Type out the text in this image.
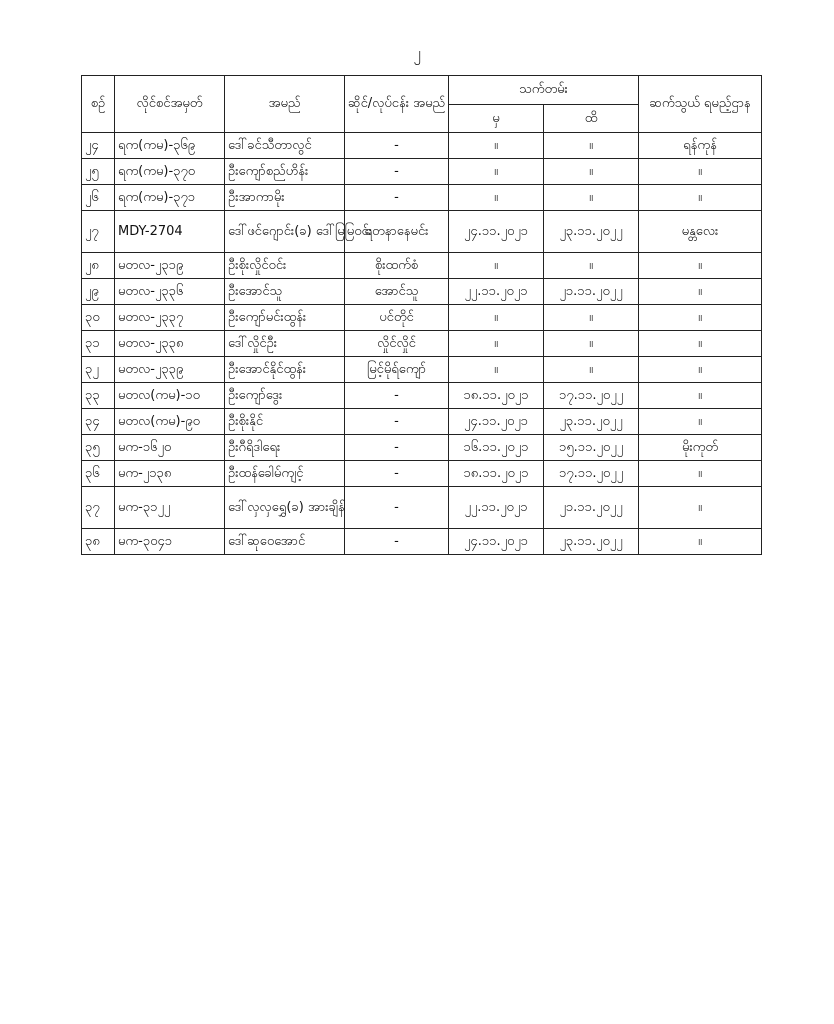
၂
စဉ်	လိုင်စင်အမှတ်	အမည်	ဆိုင်/လုပ်ငန်း အမည်	သက်တမ်း		ဆက်သွယ် ရမည့်ဌာန
				မှ	ထိ	
၂၄	ရက(ကမ)-၃၆၉	ဒေါ်ခင်သီတာလွင်	-	။	။	ရန်ကုန်
၂၅	ရက(ကမ)-၃၇၀	ဦးကျော်စည်ဟိန်း	-	။	။	။
၂၆	ရက(ကမ)-၃၇၁	ဦးအာကာမိုး	-	။	။	။
၂၇	MDY-2704	ဒေါ်ဖင်ဂျောင်း(ခ) ဒေါ်မြမြဝင်း	ရတနာနေမင်း	၂၄.၁၁.၂၀၂၁	၂၃.၁၁.၂၀၂၂	မန္တလေး
၂၈	မတလ-၂၃၁၉	ဦးစိုးလှိုင်ဝင်း	စိုးထက်စံ	။	။	။
၂၉	မတလ-၂၃၃၆	ဦးအောင်သူ	အောင်သူ	၂၂.၁၁.၂၀၂၁	၂၁.၁၁.၂၀၂၂	။
၃၀	မတလ-၂၃၃၇	ဦးကျော်မင်းထွန်း	ပင်တိုင်	။	။	။
၃၁	မတလ-၂၃၃၈	ဒေါ်လှိုင်ဦး	လှိုင်လှိုင်	။	။	။
၃၂	မတလ-၂၃၃၉	ဦးအောင်နိုင်ထွန်း	မြင့်မိုရ်ကျော်	။	။	။
၃၃	မတလ(ကမ)-၁၀	ဦးကျော်ဒွေး	-	၁၈.၁၁.၂၀၂၁	၁၇.၁၁.၂၀၂၂	။
၃၄	မတလ(ကမ)-၉၀	ဦးစိုးနိုင်	-	၂၄.၁၁.၂၀၂၁	၂၃.၁၁.၂၀၂၂	။
၃၅	မက-၁၆၂၀	ဦးဂီရိဒါရေး	-	၁၆.၁၁.၂၀၂၁	၁၅.၁၁.၂၀၂၂	မိုးကုတ်
၃၆	မက-၂၁၃၈	ဦးထန်ခေါမ်ကျင့်	-	၁၈.၁၁.၂၀၂၁	၁၇.၁၁.၂၀၂၂	။
၃၇	မက-၃၁၂၂	ဒေါ်လှလှရွှေ(ခ) အားချိန်	-	၂၂.၁၁.၂၀၂၁	၂၁.၁၁.၂၀၂၂	။
၃၈	မက-၃၀၄၁	ဒေါ်ဆုဝေအောင်	-	၂၄.၁၁.၂၀၂၁	၂၃.၁၁.၂၀၂၂	။
